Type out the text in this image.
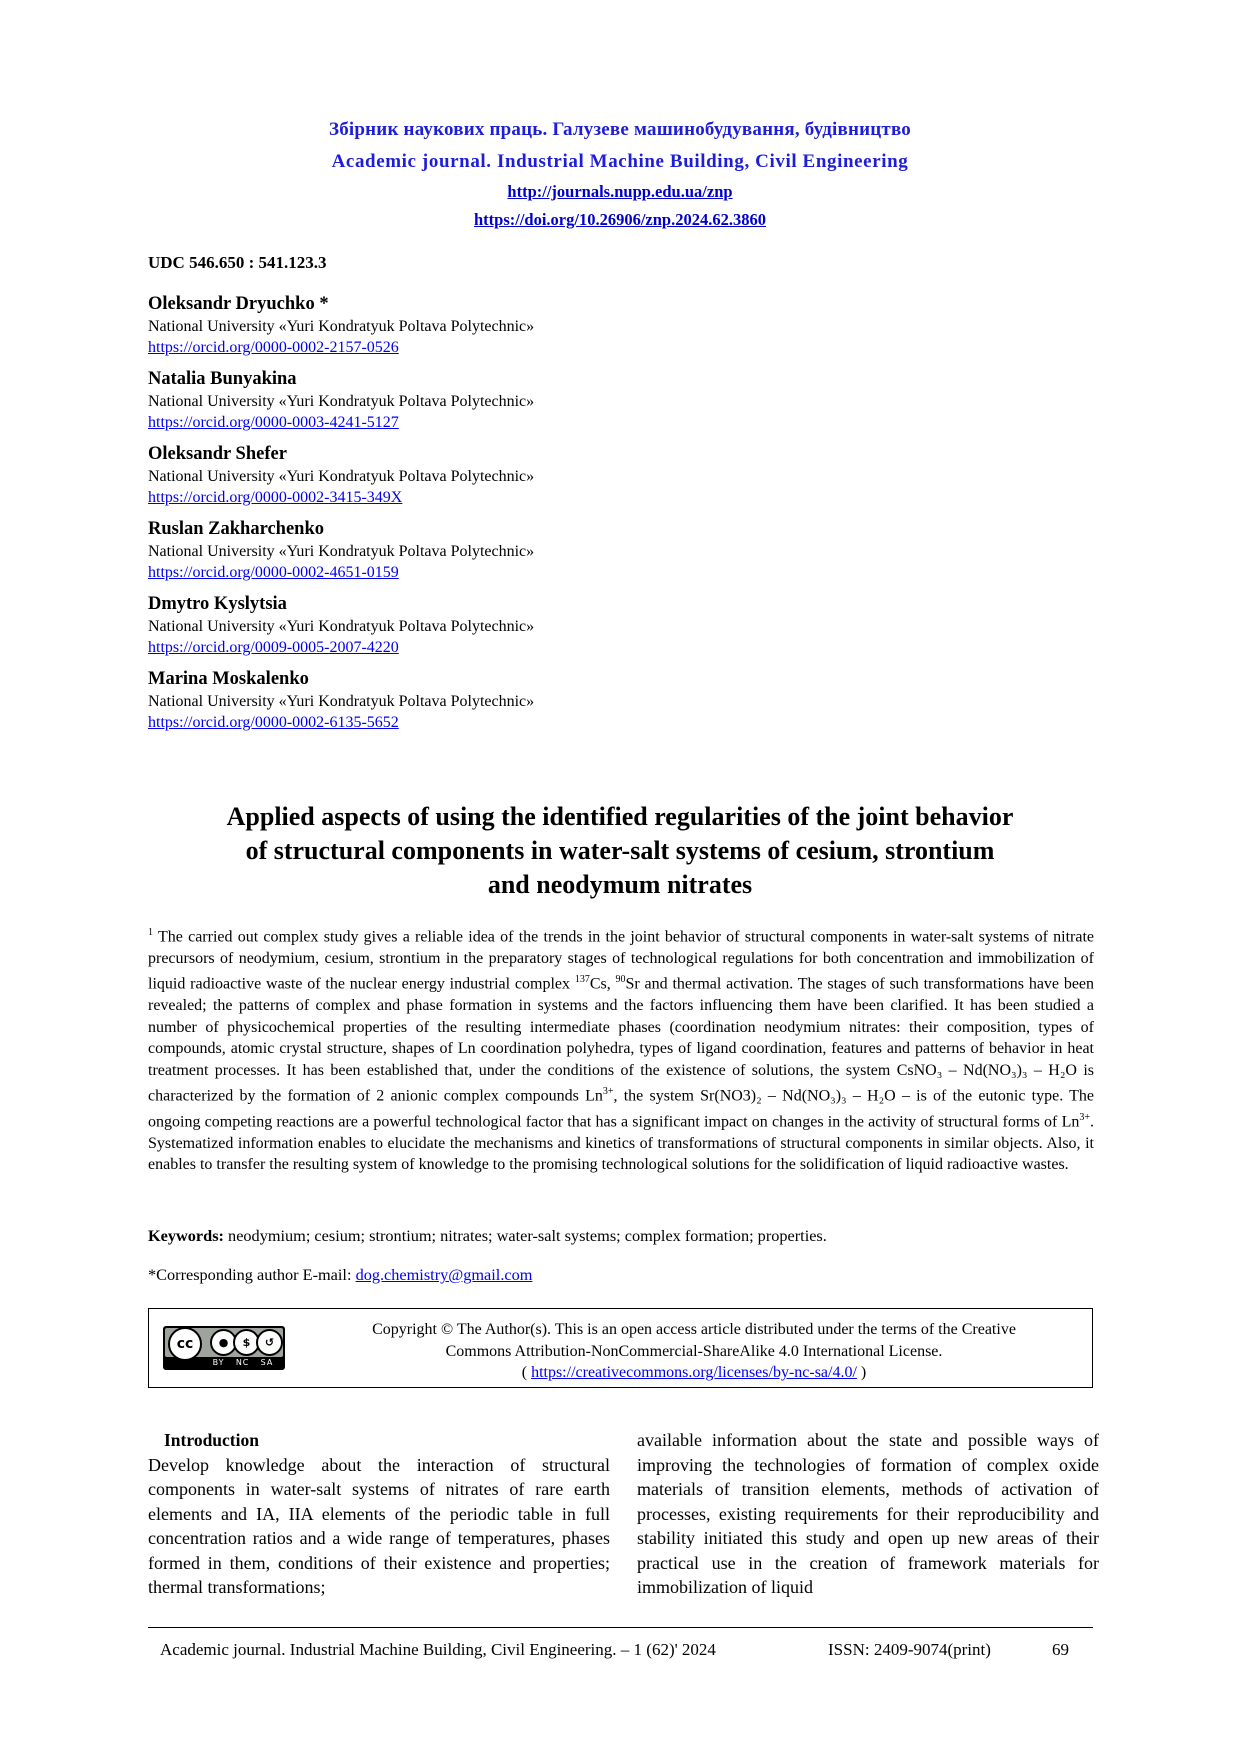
Збірник наукових праць. Галузеве машинобудування, будівництво
Academic journal. Industrial Machine Building, Civil Engineering
http://journals.nupp.edu.ua/znp
https://doi.org/10.26906/znp.2024.62.3860
UDC 546.650 : 541.123.3
Oleksandr Dryuchko *
National University «Yuri Kondratyuk Poltava Polytechnic»
https://orcid.org/0000-0002-2157-0526
Natalia Bunyakina
National University «Yuri Kondratyuk Poltava Polytechnic»
https://orcid.org/0000-0003-4241-5127
Oleksandr Shefer
National University «Yuri Kondratyuk Poltava Polytechnic»
https://orcid.org/0000-0002-3415-349X
Ruslan Zakharchenko
National University «Yuri Kondratyuk Poltava Polytechnic»
https://orcid.org/0000-0002-4651-0159
Dmytro Kyslytsia
National University «Yuri Kondratyuk Poltava Polytechnic»
https://orcid.org/0009-0005-2007-4220
Marina Moskalenko
National University «Yuri Kondratyuk Poltava Polytechnic»
https://orcid.org/0000-0002-6135-5652
Applied aspects of using the identified regularities of the joint behavior
of structural components in water-salt systems of cesium, strontium
and neodymum nitrates
$^1$ The carried out complex study gives a reliable idea of the trends in the joint behavior of structural components in water-salt systems of nitrate precursors of neodymium, cesium, strontium in the preparatory stages of technological regulations for both concentration and immobilization of liquid radioactive waste of the nuclear energy industrial complex $^{137}$Cs, $^{90}$Sr and thermal activation. The stages of such transformations have been revealed; the patterns of complex and phase formation in systems and the factors influencing them have been clarified. It has been studied a number of physicochemical properties of the resulting intermediate phases (coordination neodymium nitrates: their composition, types of compounds, atomic crystal structure, shapes of Ln coordination polyhedra, types of ligand coordination, features and patterns of behavior in heat treatment processes. It has been established that, under the conditions of the existence of solutions, the system CsNO₃ – Nd(NO₃)₃ – H₂O is characterized by the formation of 2 anionic complex compounds $Ln^{3+}$, the system Sr(NO3)₂ – Nd(NO₃)₃ – H₂O – is of the eutonic type. The ongoing competing reactions are a powerful technological factor that has a significant impact on changes in the activity of structural forms of $Ln^{3+}$. Systematized information enables to elucidate the mechanisms and kinetics of transformations of structural components in similar objects. Also, it enables to transfer the resulting system of knowledge to the promising technological solutions for the solidification of liquid radioactive wastes.
Keywords: neodymium; cesium; strontium; nitrates; water-salt systems; complex formation; properties.
*Corresponding author E-mail: dog.chemistry@gmail.com
cc	●	$	↺
BY NC SA
Copyright © The Author(s). This is an open access article distributed under the terms of the Creative
Commons Attribution-NonCommercial-ShareAlike 4.0 International License.
( https://creativecommons.org/licenses/by-nc-sa/4.0/ )
Introduction
Develop knowledge about the interaction of structural components in water-salt systems of nitrates of rare earth elements and IA, IIA elements of the periodic table in full concentration ratios and a wide range of temperatures, phases formed in them, conditions of their existence and properties; thermal transformations;
available information about the state and possible ways of improving the technologies of formation of complex oxide materials of transition elements, methods of activation of processes, existing requirements for their reproducibility and stability initiated this study and open up new areas of their practical use in the creation of framework materials for immobilization of liquid
Academic journal. Industrial Machine Building, Civil Engineering. – 1 (62)' 2024	ISSN: 2409-9074(print)	69
